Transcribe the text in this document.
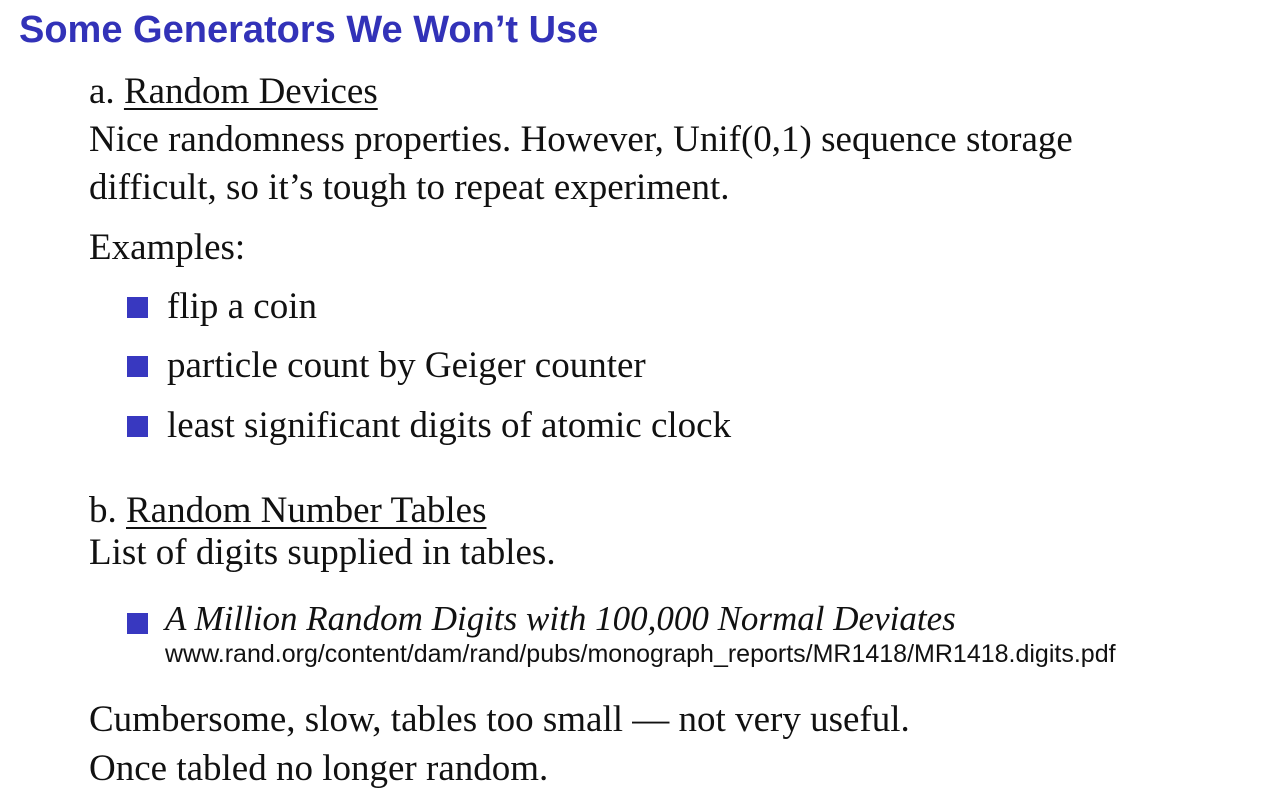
Some Generators We Won’t Use

a. Random Devices

Nice randomness properties. However, Unif(0,1) sequence storage

difficult, so it’s tough to repeat experiment.

Examples:

flip a coin
particle count by Geiger counter
least significant digits of atomic clock

b. Random Number Tables

List of digits supplied in tables.

A Million Random Digits with 100,000 Normal Deviates
www.rand.org/content/dam/rand/pubs/monograph_reports/MR1418/MR1418.digits.pdf

Cumbersome, slow, tables too small — not very useful.

Once tabled no longer random.
